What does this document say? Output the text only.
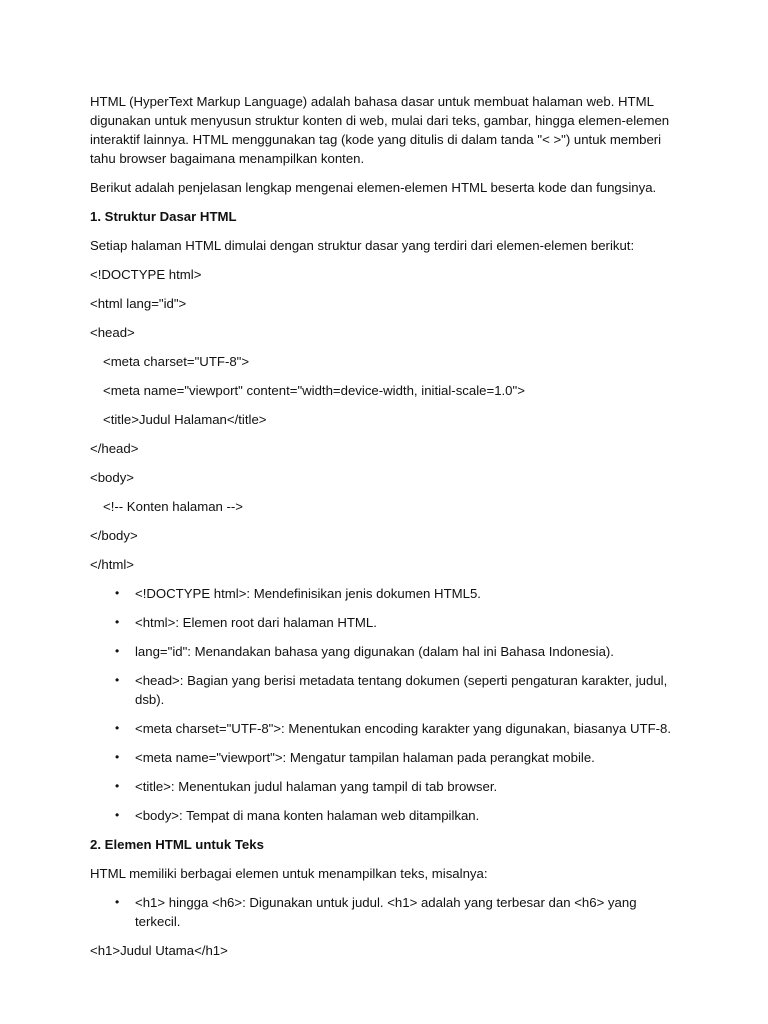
HTML (HyperText Markup Language) adalah bahasa dasar untuk membuat halaman web. HTML digunakan untuk menyusun struktur konten di web, mulai dari teks, gambar, hingga elemen-elemen interaktif lainnya. HTML menggunakan tag (kode yang ditulis di dalam tanda "< >") untuk memberi tahu browser bagaimana menampilkan konten.

Berikut adalah penjelasan lengkap mengenai elemen-elemen HTML beserta kode dan fungsinya.

1. Struktur Dasar HTML

Setiap halaman HTML dimulai dengan struktur dasar yang terdiri dari elemen-elemen berikut:

<!DOCTYPE html>
<html lang="id">
<head>
<meta charset="UTF-8">
<meta name="viewport" content="width=device-width, initial-scale=1.0">
<title>Judul Halaman</title>
</head>
<body>
<!-- Konten halaman -->
</body>
</html>
• <!DOCTYPE html>: Mendefinisikan jenis dokumen HTML5.
• <html>: Elemen root dari halaman HTML.
• lang="id": Menandakan bahasa yang digunakan (dalam hal ini Bahasa Indonesia).
• <head>: Bagian yang berisi metadata tentang dokumen (seperti pengaturan karakter, judul, dsb).
• <meta charset="UTF-8">: Menentukan encoding karakter yang digunakan, biasanya UTF-8.
• <meta name="viewport">: Mengatur tampilan halaman pada perangkat mobile.
• <title>: Menentukan judul halaman yang tampil di tab browser.
• <body>: Tempat di mana konten halaman web ditampilkan.

2. Elemen HTML untuk Teks

HTML memiliki berbagai elemen untuk menampilkan teks, misalnya:

• <h1> hingga <h6>: Digunakan untuk judul. <h1> adalah yang terbesar dan <h6> yang terkecil.
<h1>Judul Utama</h1>
